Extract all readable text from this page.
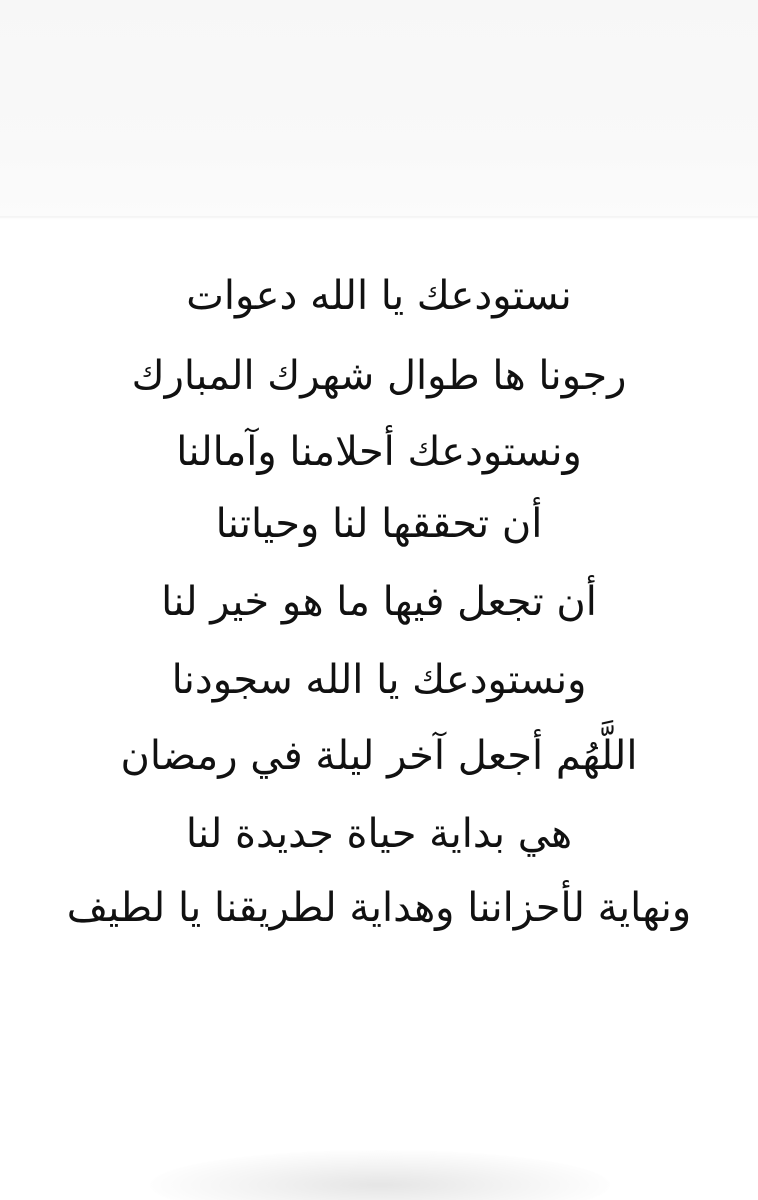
نستودعك يا الله دعوات
رجونا ها طوال شهرك المبارك
ونستودعك أحلامنا وآمالنا
أن تحققها لنا وحياتنا
أن تجعل فيها ما هو خير لنا
ونستودعك يا الله سجودنا
اللَّهُم أجعل آخر ليلة في رمضان
هي بداية حياة جديدة لنا
ونهاية لأحزاننا وهداية لطريقنا يا لطيف
